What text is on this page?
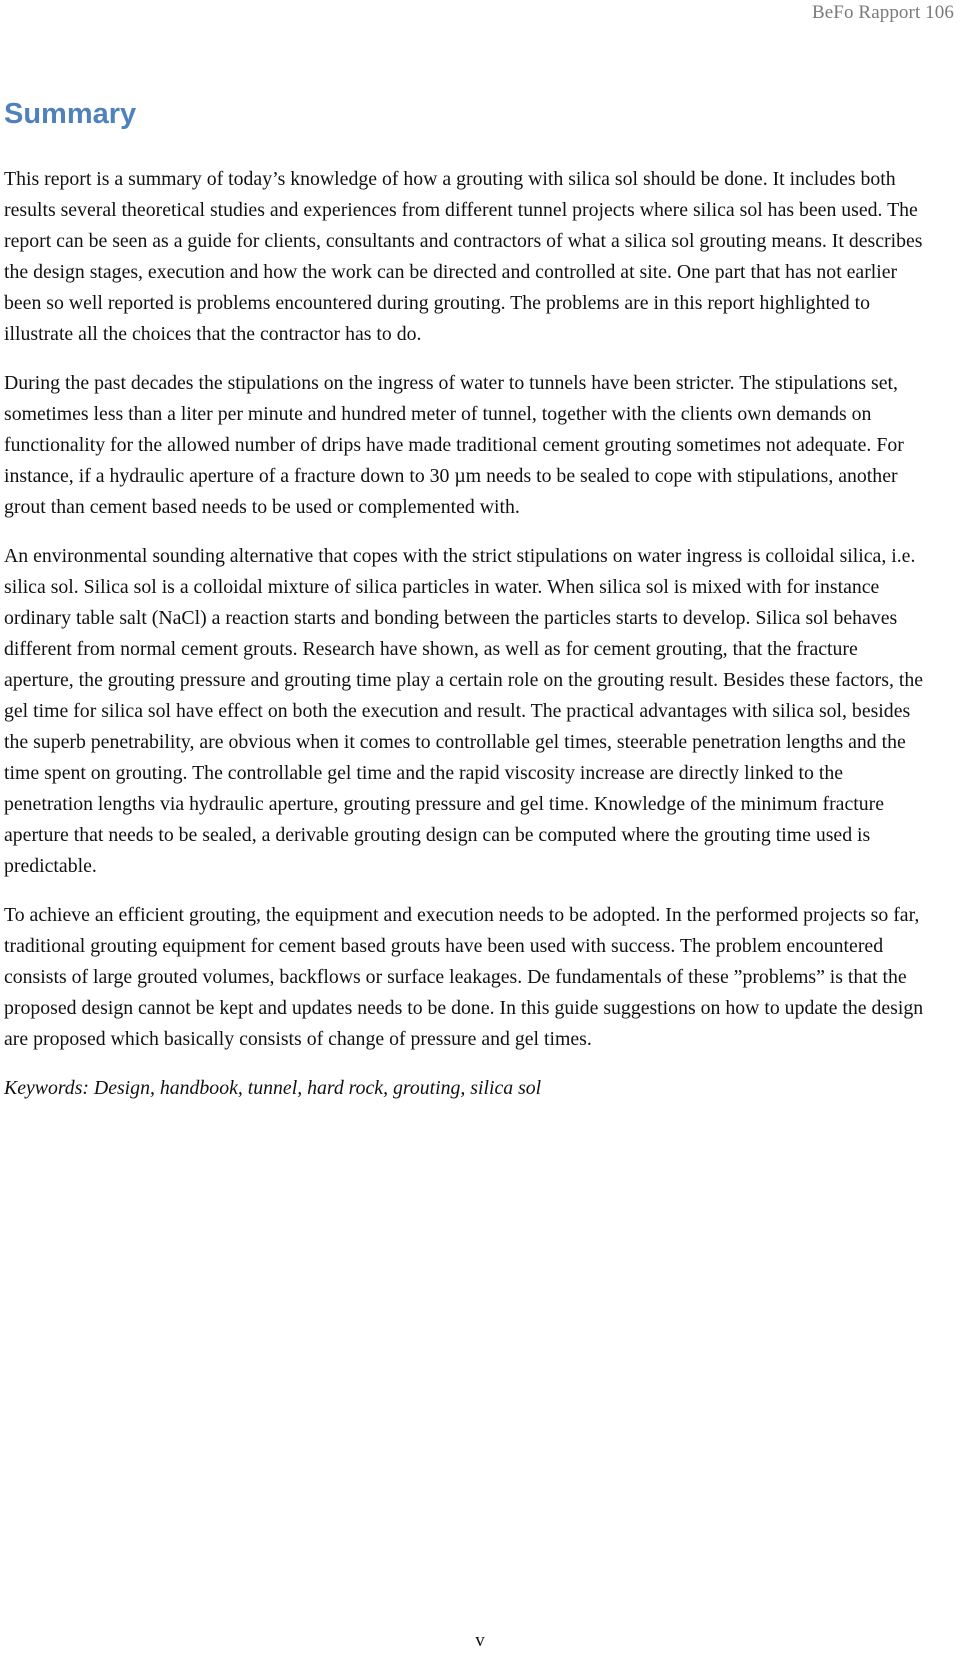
BeFo Rapport 106
Summary

This report is a summary of today’s knowledge of how a grouting with silica sol should be done. It includes both results several theoretical studies and experiences from different tunnel projects where silica sol has been used. The report can be seen as a guide for clients, consultants and contractors of what a silica sol grouting means. It describes the design stages, execution and how the work can be directed and controlled at site. One part that has not earlier been so well reported is problems encountered during grouting. The problems are in this report highlighted to illustrate all the choices that the contractor has to do.

During the past decades the stipulations on the ingress of water to tunnels have been stricter. The stipulations set, sometimes less than a liter per minute and hundred meter of tunnel, together with the clients own demands on functionality for the allowed number of drips have made traditional cement grouting sometimes not adequate. For instance, if a hydraulic aperture of a fracture down to 30 µm needs to be sealed to cope with stipulations, another grout than cement based needs to be used or complemented with.

An environmental sounding alternative that copes with the strict stipulations on water ingress is colloidal silica, i.e. silica sol. Silica sol is a colloidal mixture of silica particles in water. When silica sol is mixed with for instance ordinary table salt (NaCl) a reaction starts and bonding between the particles starts to develop. Silica sol behaves different from normal cement grouts. Research have shown, as well as for cement grouting, that the fracture aperture, the grouting pressure and grouting time play a certain role on the grouting result. Besides these factors, the gel time for silica sol have effect on both the execution and result. The practical advantages with silica sol, besides the superb penetrability, are obvious when it comes to controllable gel times, steerable penetration lengths and the time spent on grouting. The controllable gel time and the rapid viscosity increase are directly linked to the penetration lengths via hydraulic aperture, grouting pressure and gel time. Knowledge of the minimum fracture aperture that needs to be sealed, a derivable grouting design can be computed where the grouting time used is predictable.

To achieve an efficient grouting, the equipment and execution needs to be adopted. In the performed projects so far, traditional grouting equipment for cement based grouts have been used with success. The problem encountered consists of large grouted volumes, backflows or surface leakages. De fundamentals of these ”problems” is that the proposed design cannot be kept and updates needs to be done. In this guide suggestions on how to update the design are proposed which basically consists of change of pressure and gel times.

Keywords: Design, handbook, tunnel, hard rock, grouting, silica sol

v
